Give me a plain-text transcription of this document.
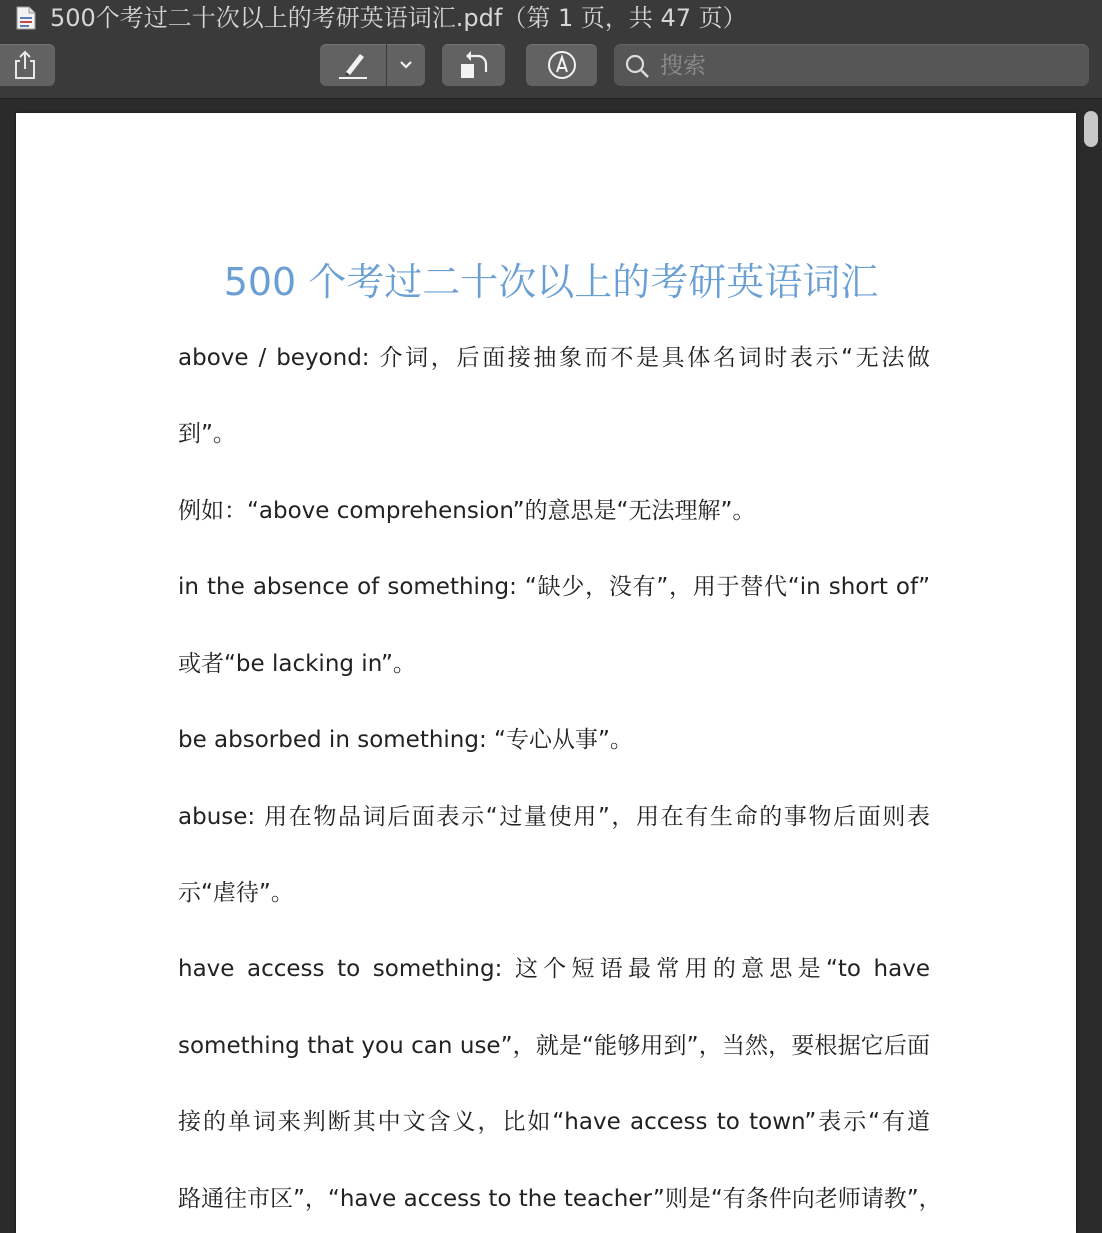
500个考过二十次以上的考研英语词汇.pdf（第 1 页，共 47 页）
搜索
500 个考过二十次以上的考研英语词汇
above / beyond: 介词，后面接抽象而不是具体名词时表示“无法做
到”。
例如：“above comprehension”的意思是“无法理解”。
in the absence of something: “缺少，没有”，用于替代“in short of”
或者“be lacking in”。
be absorbed in something: “专心从事”。
abuse: 用在物品词后面表示“过量使用”，用在有生命的事物后面则表
示“虐待”。
have access to something: 这个短语最常用的意思是“to have
something that you can use”，就是“能够用到”，当然，要根据它后面
接的单词来判断其中文含义，比如“have access to town”表示“有道
路通往市区”，“have access to the teacher”则是“有条件向老师请教”，
